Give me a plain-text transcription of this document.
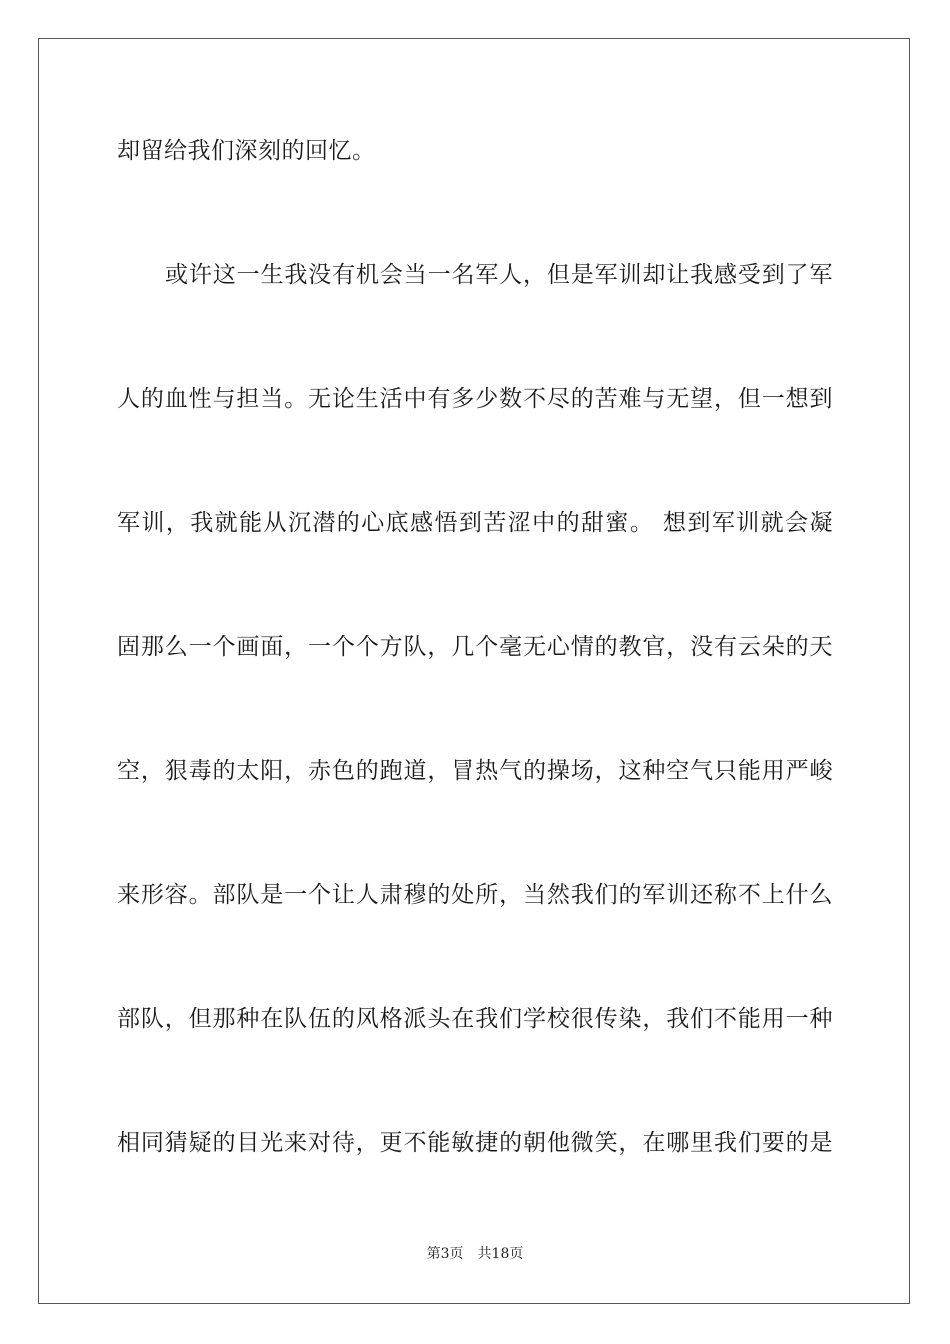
却留给我们深刻的回忆。
或许这一生我没有机会当一名军人，但是军训却让我感受到了军
人的血性与担当。无论生活中有多少数不尽的苦难与无望，但一想到
军训，我就能从沉潜的心底感悟到苦涩中的甜蜜。 想到军训就会凝
固那么一个画面，一个个方队，几个毫无心情的教官，没有云朵的天
空，狠毒的太阳，赤色的跑道，冒热气的操场，这种空气只能用严峻
来形容。部队是一个让人肃穆的处所，当然我们的军训还称不上什么
部队，但那种在队伍的风格派头在我们学校很传染，我们不能用一种
相同猜疑的目光来对待，更不能敏捷的朝他微笑，在哪里我们要的是
第3页 共18页
